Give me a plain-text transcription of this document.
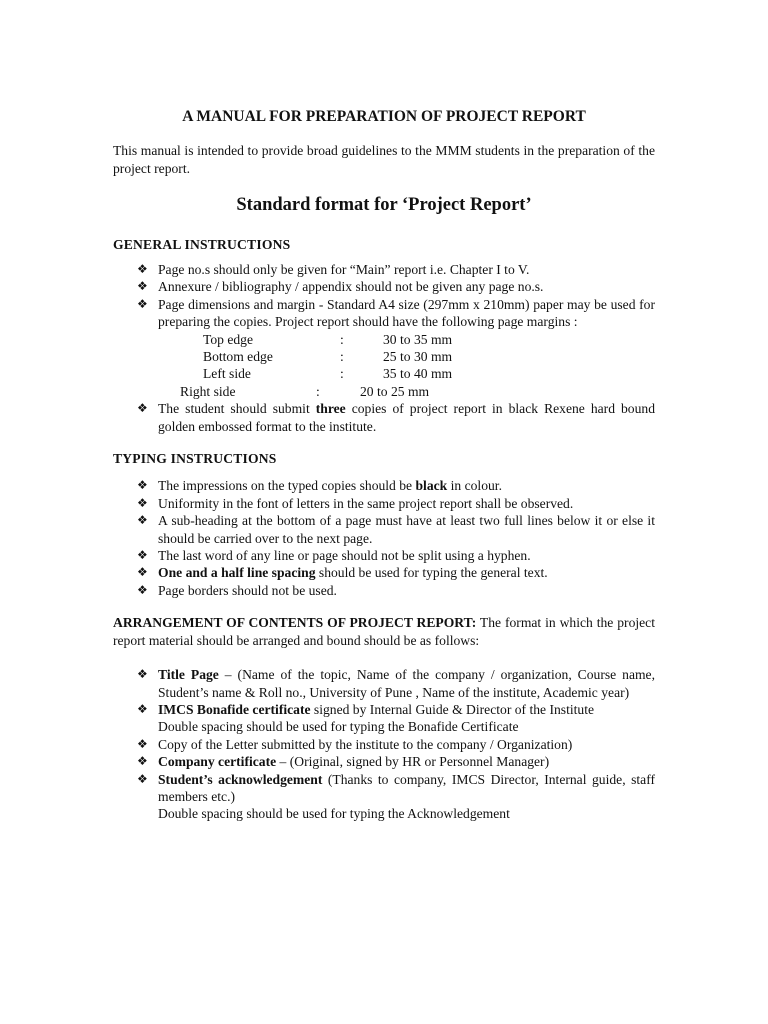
A MANUAL FOR PREPARATION OF PROJECT REPORT

This manual is intended to provide broad guidelines to the MMM students in the preparation of the project report.

Standard format for ‘Project Report’

GENERAL INSTRUCTIONS

❖ Page no.s should only be given for “Main” report i.e. Chapter I to V.
❖ Annexure / bibliography / appendix should not be given any page no.s.
❖ Page dimensions and margin - Standard A4 size (297mm x 210mm) paper may be used for preparing the copies. Project report should have the following page margins :
Top edge	:	30 to 35 mm
Bottom edge	:	25 to 30 mm
Left side	:	35 to 40 mm
Right side	:	20 to 25 mm
❖ The student should submit three copies of project report in black Rexene hard bound golden embossed format to the institute.

TYPING INSTRUCTIONS

❖ The impressions on the typed copies should be black in colour.
❖ Uniformity in the font of letters in the same project report shall be observed.
❖ A sub-heading at the bottom of a page must have at least two full lines below it or else it should be carried over to the next page.
❖ The last word of any line or page should not be split using a hyphen.
❖ One and a half line spacing should be used for typing the general text.
❖ Page borders should not be used.

ARRANGEMENT OF CONTENTS OF PROJECT REPORT: The format in which the project report material should be arranged and bound should be as follows:

❖ Title Page – (Name of the topic, Name of the company / organization, Course name, Student’s name & Roll no., University of Pune , Name of the institute, Academic year)
❖ IMCS Bonafide certificate signed by Internal Guide & Director of the Institute
Double spacing should be used for typing the Bonafide Certificate
❖ Copy of the Letter submitted by the institute to the company / Organization)
❖ Company certificate – (Original, signed by HR or Personnel Manager)
❖ Student’s acknowledgement (Thanks to company, IMCS Director, Internal guide, staff members etc.)
Double spacing should be used for typing the Acknowledgement
